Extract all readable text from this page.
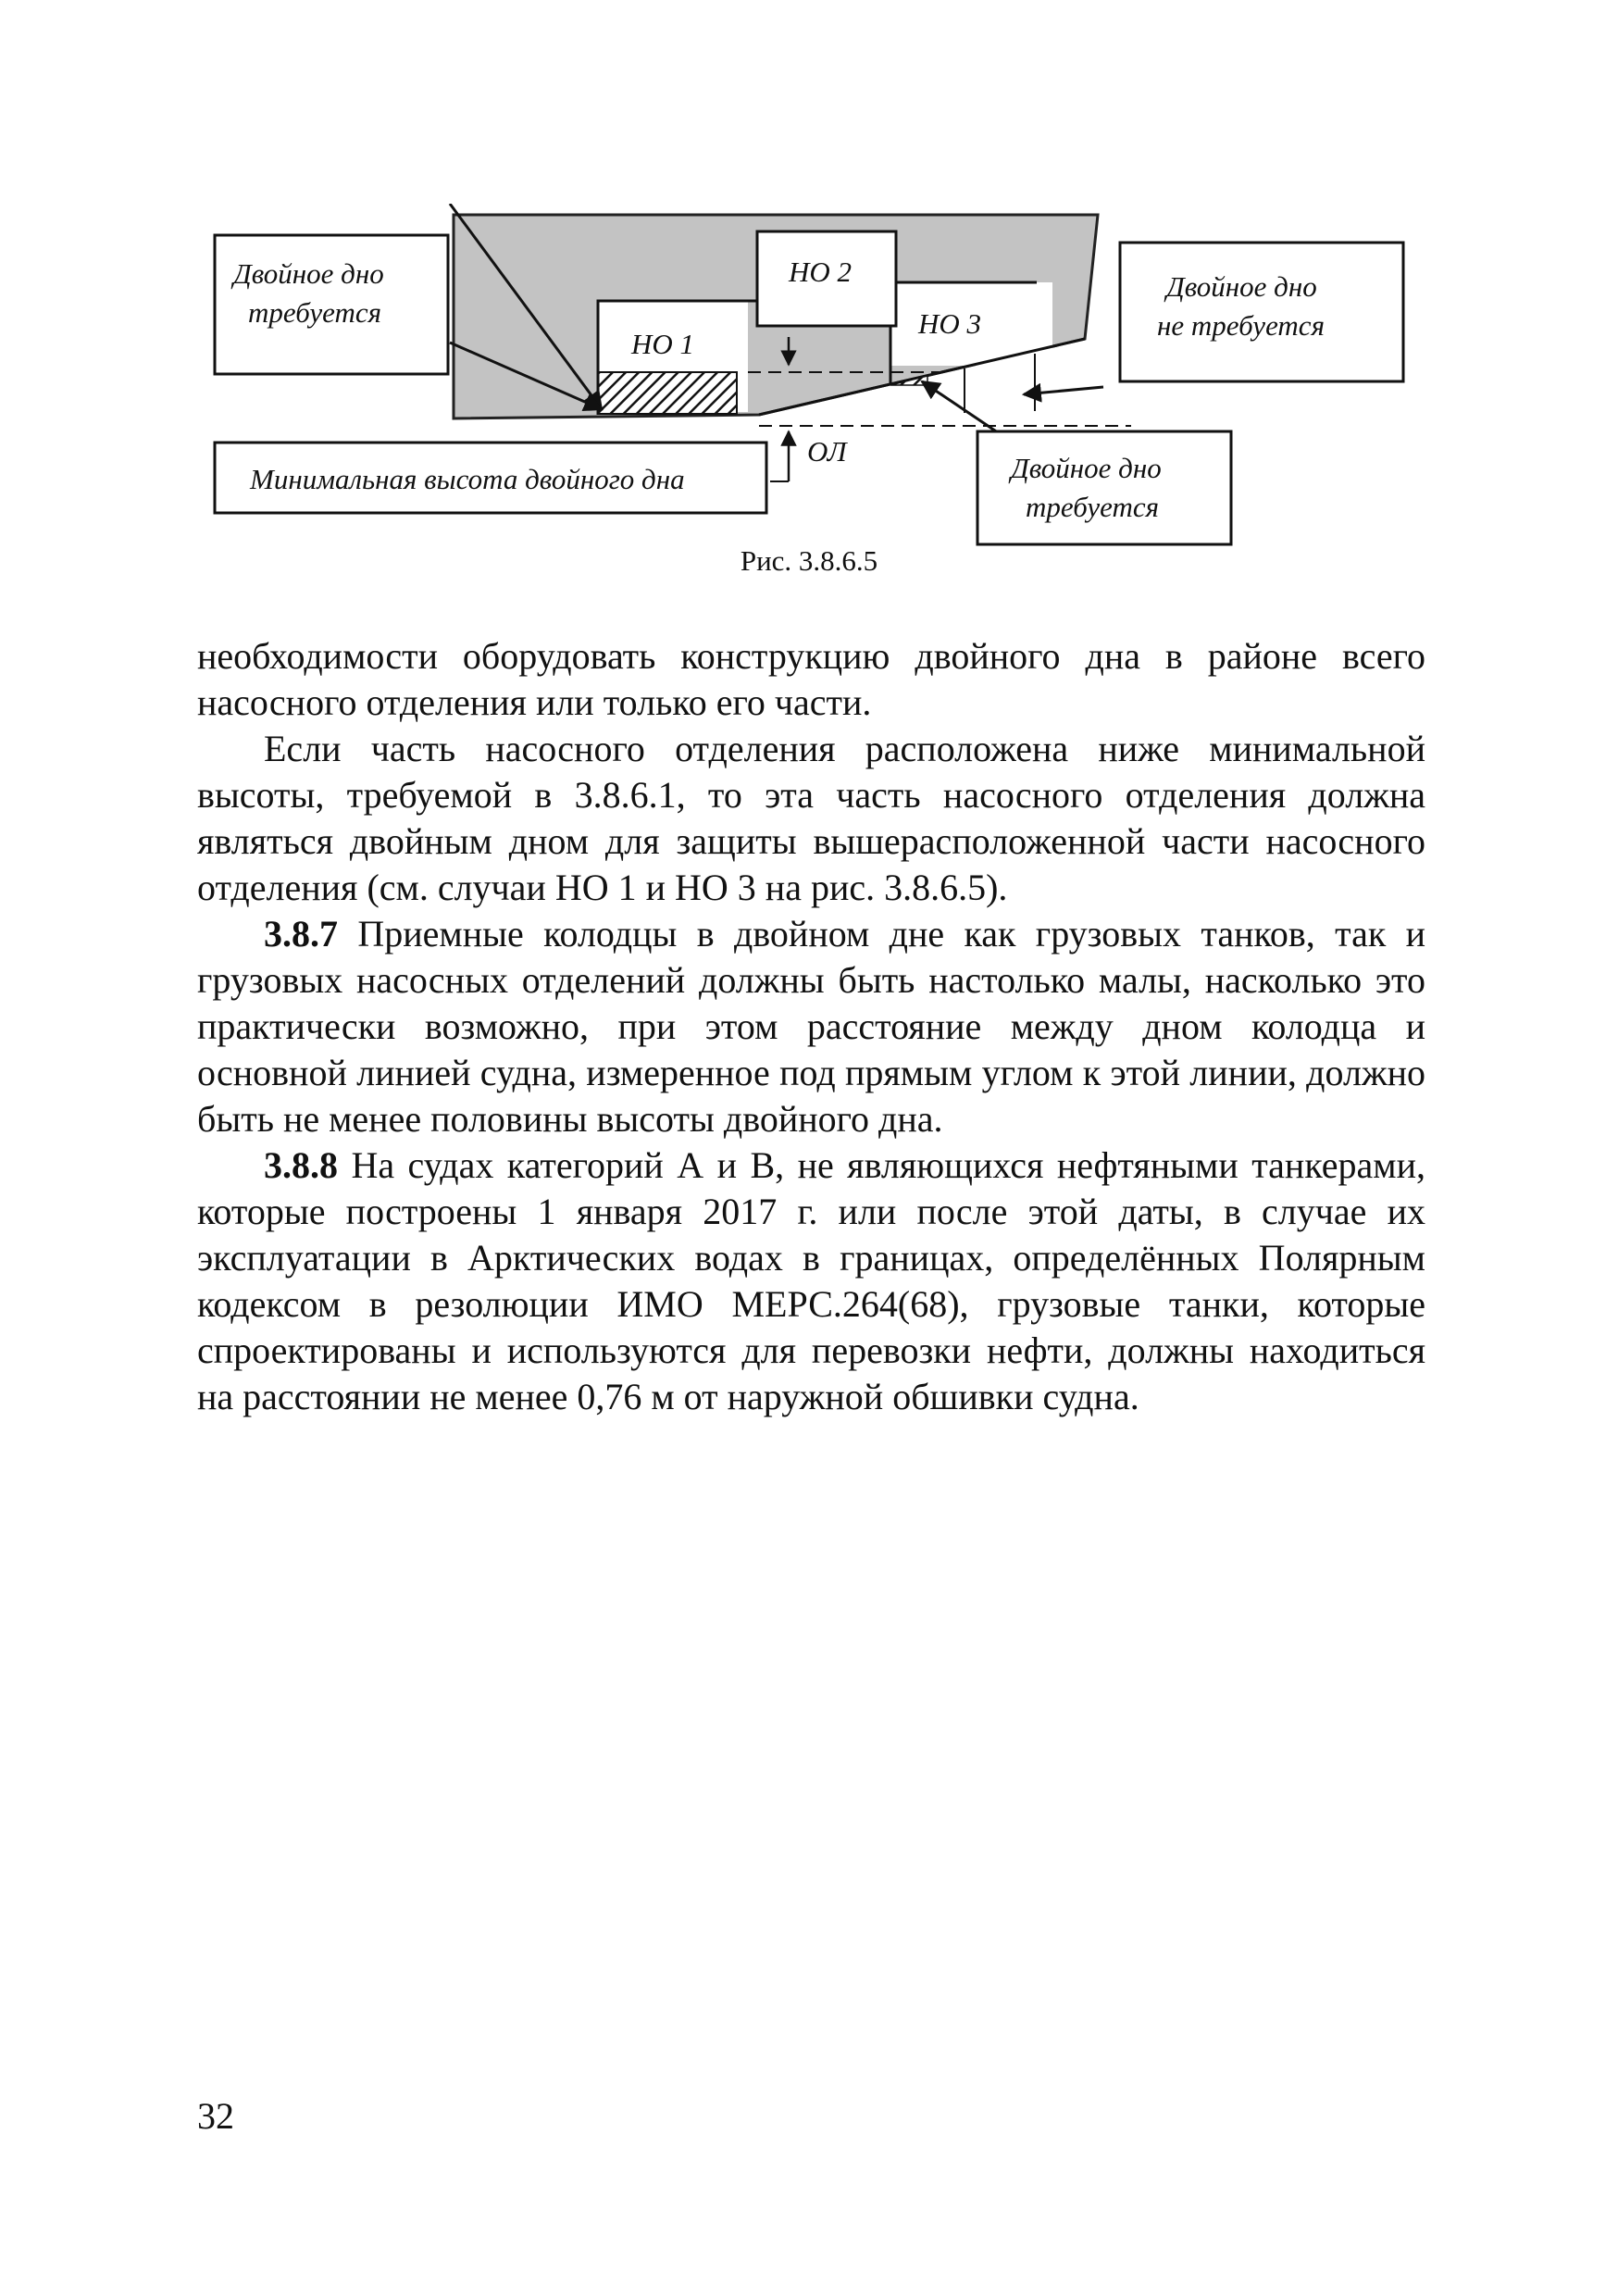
Двойное дно
требуется
НО 2
НО 1
НО 3
Двойное дно
не требуется
Минимальная высота двойного дна
ОЛ
Двойное дно
требуется
Рис. 3.8.6.5

необходимости оборудовать конструкцию двойного дна в районе всего насосного отделения или только его части.

Если часть насосного отделения расположена ниже минимальной высоты, требуемой в 3.8.6.1, то эта часть насосного отделения должна являться двойным дном для защиты вышерасположенной части насосного отделения (см. случаи НО 1 и НО 3 на рис. 3.8.6.5).

3.8.7 Приемные колодцы в двойном дне как грузовых танков, так и грузовых насосных отделений должны быть настолько малы, насколько это практически возможно, при этом расстояние между дном колодца и основной линией судна, измеренное под прямым углом к этой линии, должно быть не менее половины высоты двойного дна.

3.8.8 На судах категорий А и В, не являющихся нефтяными танкерами, которые построены 1 января 2017 г. или после этой даты, в случае их эксплуатации в Арктических водах в границах, определённых Полярным кодексом в резолюции ИМО МЕРС.264(68), грузовые танки, которые спроектированы и используются для перевозки нефти, должны находиться на расстоянии не менее 0,76 м от наружной обшивки судна.

32
